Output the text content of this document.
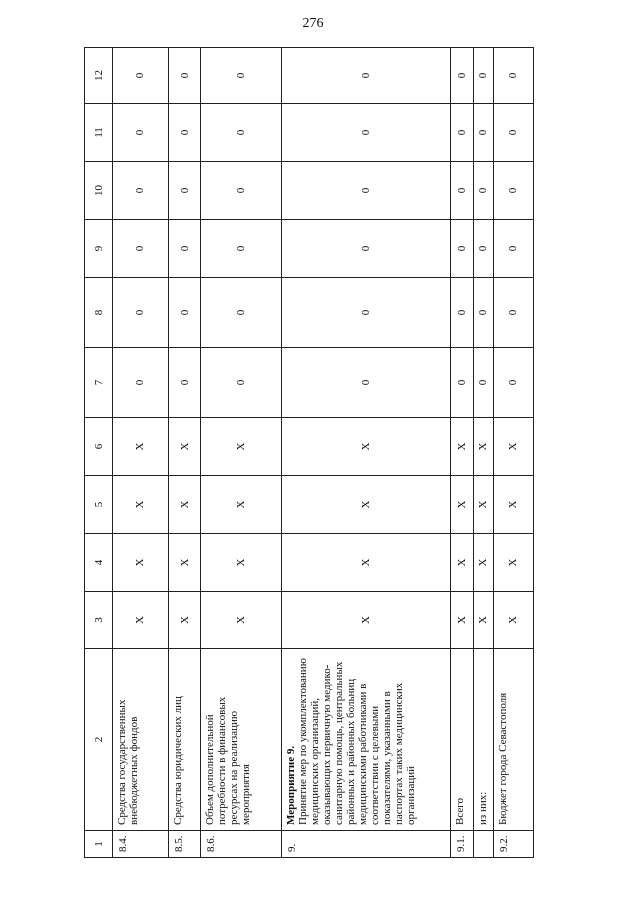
276
1	2	3	4	5	6	7	8	9	10	11	12
8.4.	Средства государственных внебюджетных фондов	X	X	X	X	0	0	0	0	0	0
8.5.	Средства юридических лиц	X	X	X	X	0	0	0	0	0	0
8.6.	Объем дополнительной потребности в финансовых ресурсах на реализацию мероприятия	X	X	X	X	0	0	0	0	0	0
9.	Мероприятие 9. Принятие мер по укомплектованию медицинских организаций, оказывающих первичную медико-санитарную помощь, центральных районных и районных больниц медицинскими работниками в соответствии с целевыми показателями, указанными в паспортах таких медицинских организаций	X	X	X	X	0	0	0	0	0	0
9.1.	Всего	X	X	X	X	0	0	0	0	0	0
	из них:	X	X	X	X	0	0	0	0	0	0
9.2.	Бюджет города Севастополя	X	X	X	X	0	0	0	0	0	0
